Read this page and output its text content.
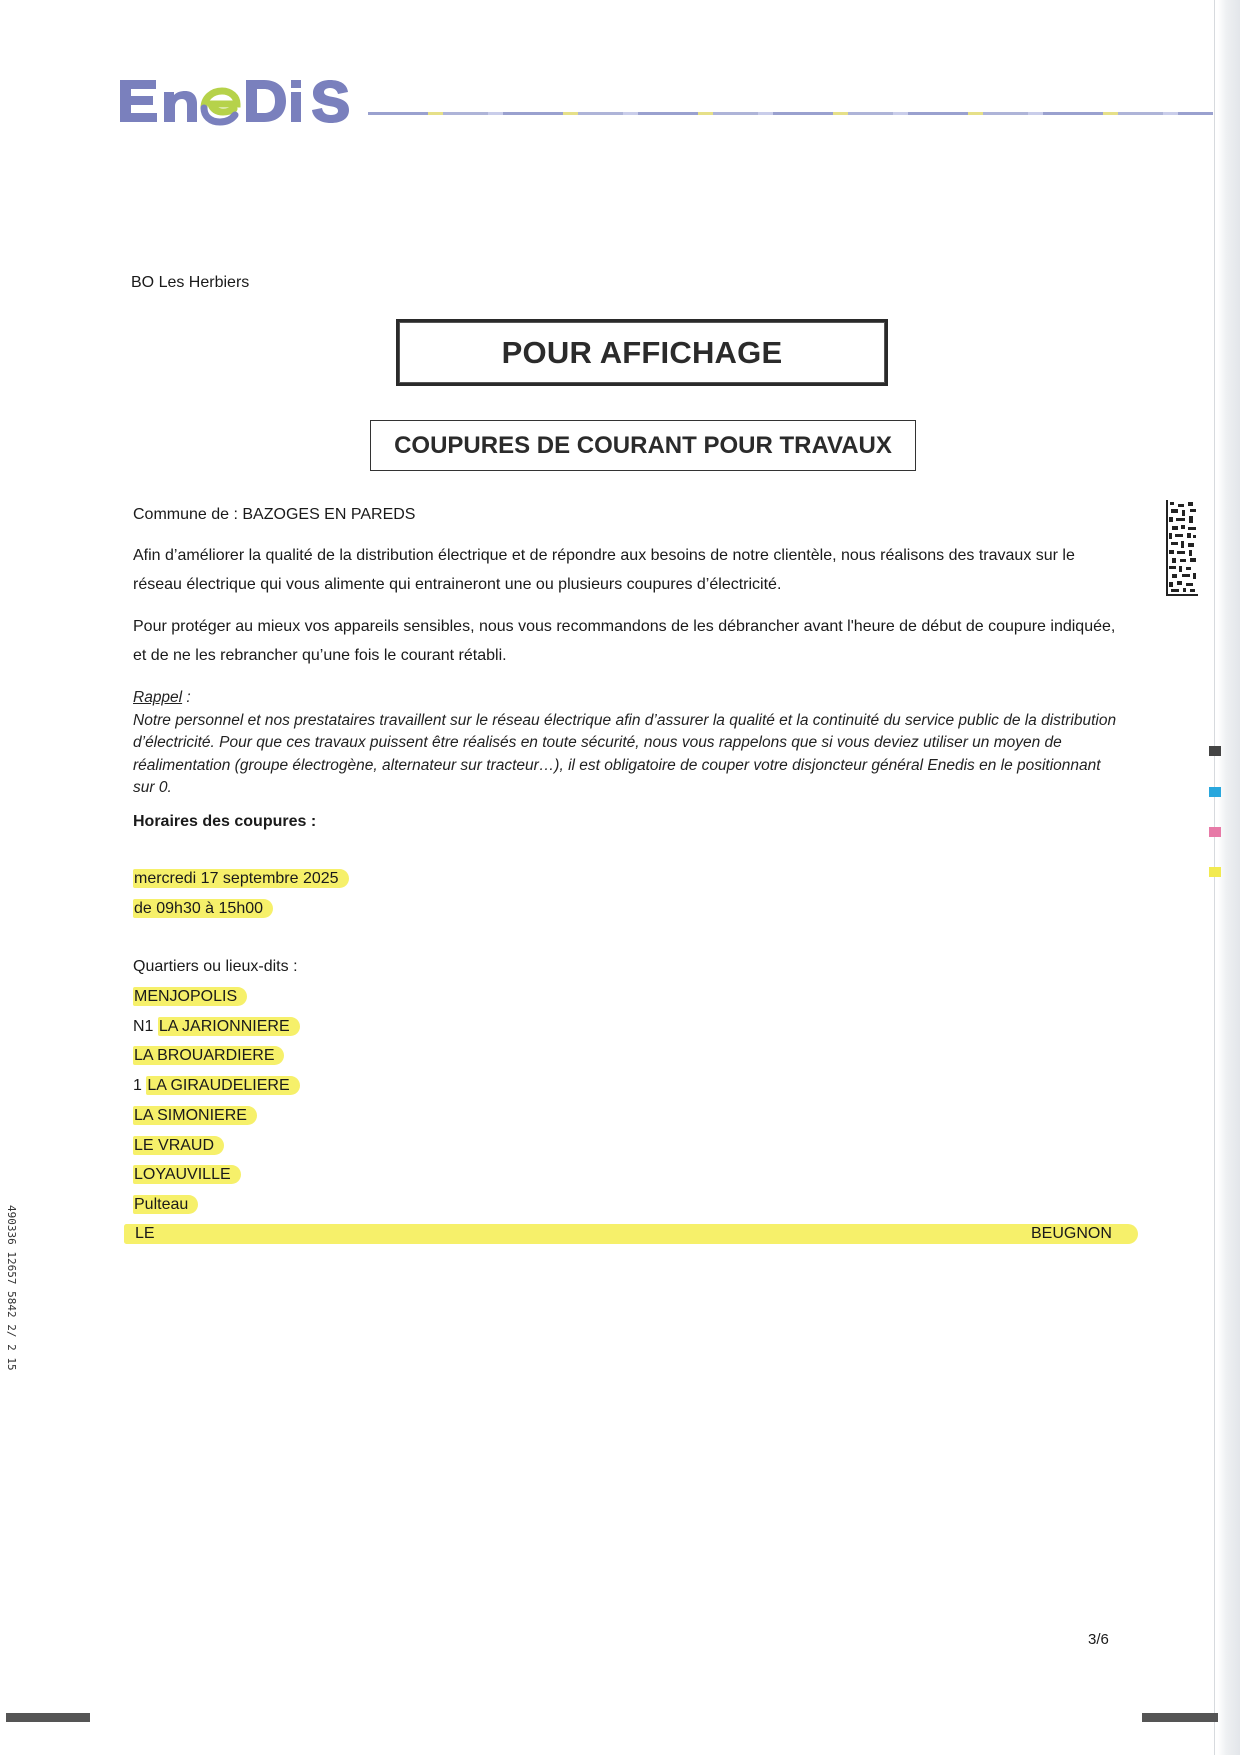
BO Les Herbiers
POUR AFFICHAGE
COUPURES DE COURANT POUR TRAVAUX
Commune de : BAZOGES EN PAREDS
Afin d’améliorer la qualité de la distribution électrique et de répondre aux besoins de notre clientèle, nous réalisons des travaux sur le réseau électrique qui vous alimente qui entraineront une ou plusieurs coupures d’électricité.
Pour protéger au mieux vos appareils sensibles, nous vous recommandons de les débrancher avant l'heure de début de coupure indiquée, et de ne les rebrancher qu’une fois le courant rétabli.
Rappel :
Notre personnel et nos prestataires travaillent sur le réseau électrique afin d’assurer la qualité et la continuité du service public de la distribution d’électricité. Pour que ces travaux puissent être réalisés en toute sécurité, nous vous rappelons que si vous deviez utiliser un moyen de réalimentation (groupe électrogène, alternateur sur tracteur…), il est obligatoire de couper votre disjoncteur général Enedis en le positionnant sur 0.
Horaires des coupures :
mercredi 17 septembre 2025
de 09h30 à 15h00
Quartiers ou lieux-dits :
MENJOPOLIS
N1 LA JARIONNIERE
LA BROUARDIERE
1 LA GIRAUDELIERE
LA SIMONIERE
LE VRAUD
LOYAUVILLE
Pulteau
LE	BEUGNON
3/6
490336 12657 5842 2/ 2 15
